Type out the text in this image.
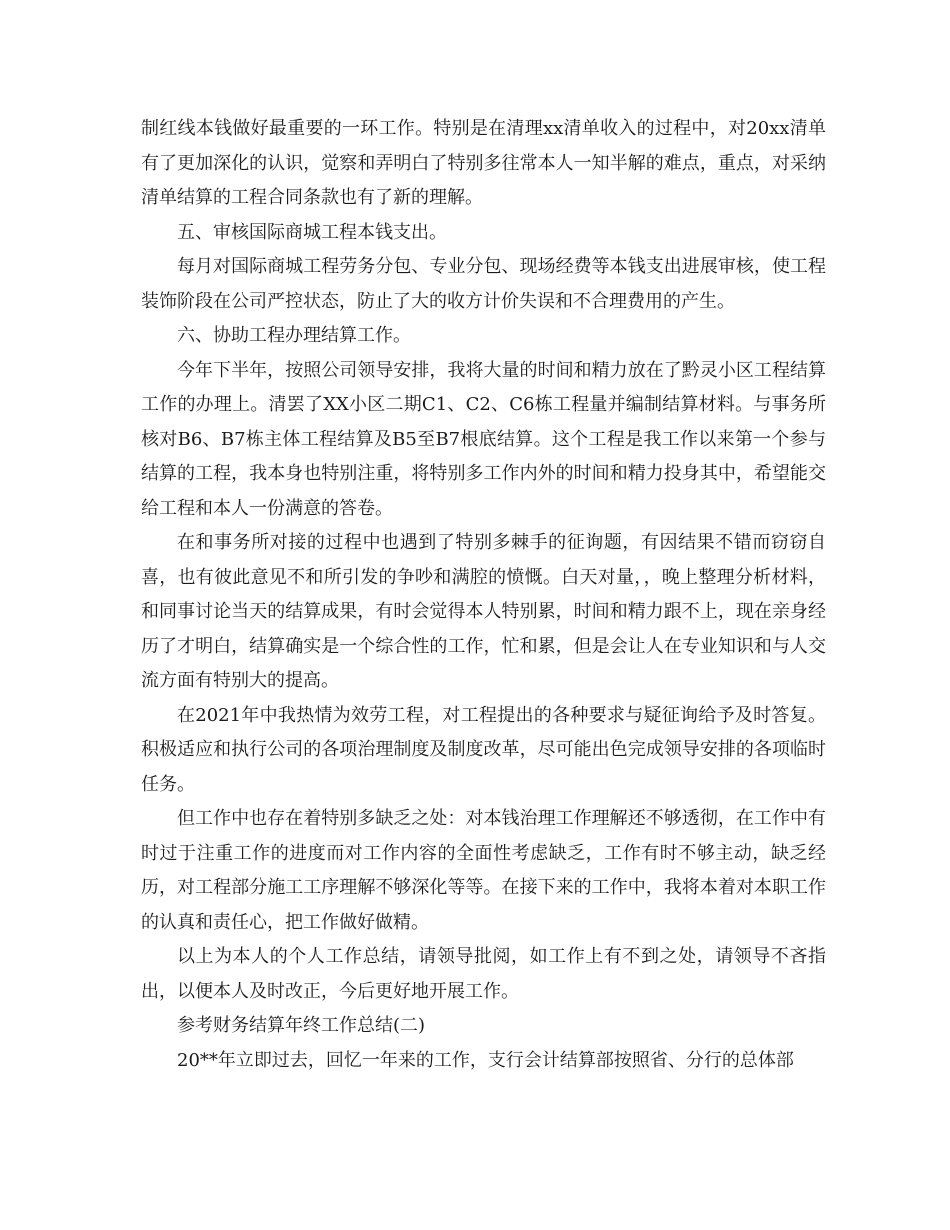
制红线本钱做好最重要的一环工作。特别是在清理xx清单收入的过程中，对20xx清单有了更加深化的认识，觉察和弄明白了特别多往常本人一知半解的难点，重点，对采纳清单结算的工程合同条款也有了新的理解。

五、审核国际商城工程本钱支出。

每月对国际商城工程劳务分包、专业分包、现场经费等本钱支出进展审核，使工程装饰阶段在公司严控状态，防止了大的收方计价失误和不合理费用的产生。

六、协助工程办理结算工作。

今年下半年，按照公司领导安排，我将大量的时间和精力放在了黔灵小区工程结算工作的办理上。清罢了XX小区二期C1、C2、C6栋工程量并编制结算材料。与事务所核对B6、B7栋主体工程结算及B5至B7根底结算。这个工程是我工作以来第一个参与结算的工程，我本身也特别注重，将特别多工作内外的时间和精力投身其中，希望能交给工程和本人一份满意的答卷。

在和事务所对接的过程中也遇到了特别多棘手的征询题，有因结果不错而窃窃自喜，也有彼此意见不和所引发的争吵和满腔的愤慨。白天对量，，晚上整理分析材料，和同事讨论当天的结算成果，有时会觉得本人特别累，时间和精力跟不上，现在亲身经历了才明白，结算确实是一个综合性的工作，忙和累，但是会让人在专业知识和与人交流方面有特别大的提高。

在2021年中我热情为效劳工程，对工程提出的各种要求与疑征询给予及时答复。积极适应和执行公司的各项治理制度及制度改革，尽可能出色完成领导安排的各项临时任务。

但工作中也存在着特别多缺乏之处：对本钱治理工作理解还不够透彻，在工作中有时过于注重工作的进度而对工作内容的全面性考虑缺乏，工作有时不够主动，缺乏经历，对工程部分施工工序理解不够深化等等。在接下来的工作中，我将本着对本职工作的认真和责任心，把工作做好做精。

以上为本人的个人工作总结，请领导批阅，如工作上有不到之处，请领导不吝指出，以便本人及时改正，今后更好地开展工作。

参考财务结算年终工作总结(二)

20**年立即过去，回忆一年来的工作，支行会计结算部按照省、分行的总体部
